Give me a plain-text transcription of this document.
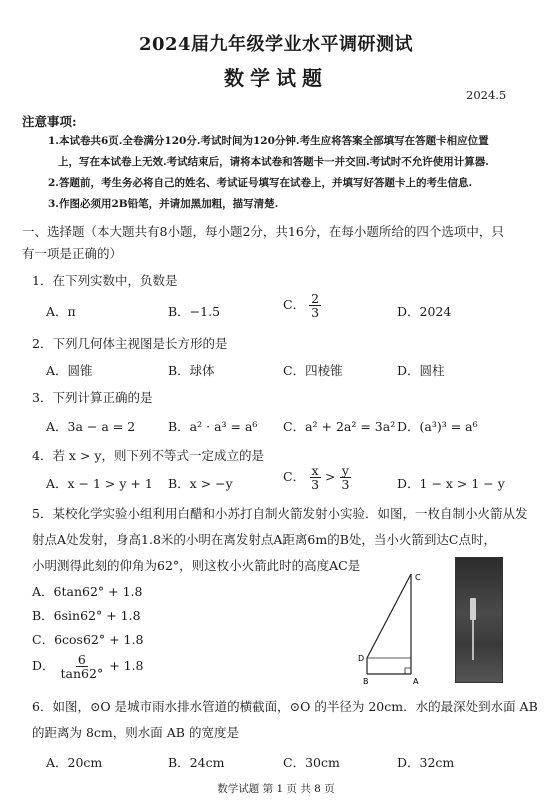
2024届九年级学业水平调研测试
数学试题
2024.5
注意事项:
1.本试卷共6页.全卷满分120分.考试时间为120分钟.考生应将答案全部填写在答题卡相应位置
上，写在本试卷上无效.考试结束后，请将本试卷和答题卡一并交回.考试时不允许使用计算器.
2.答题前，考生务必将自己的姓名、考试证号填写在试卷上，并填写好答题卡上的考生信息.
3.作图必须用2B铅笔，并请加黑加粗，描写清楚.
一、选择题（本大题共有8小题，每小题2分，共16分，在每小题所给的四个选项中，只
有一项是正确的）
1．在下列实数中，负数是
A．π	B．−1.5	C． $\frac{2}{3}$	D．2024
2．下列几何体主视图是长方形的是
A．圆锥	B．球体	C．四棱锥	D．圆柱
3．下列计算正确的是
A．3a − a = 2	B．a² · a³ = a⁶ C．a² + 2a² = 3a² D．(a³)³ = a⁶
4．若 x > y，则下列不等式一定成立的是
A．x − 1 > y + 1 B．x > −y	C． $\frac{x}{3} > \frac{y}{3}$	D．1 − x > 1 − y
5．某校化学实验小组利用白醋和小苏打自制火箭发射小实验．如图，一枚自制小火箭从发
射点A处发射，身高1.8米的小明在离发射点A距离6m的B处，当小火箭到达C点时，
小明测得此刻的仰角为62°，则这枚小火箭此时的高度AC是
A．6tan62° + 1.8
B．6sin62° + 1.8
C．6cos62° + 1.8
D． $\frac{6}{\tan 62^\circ} + 1.8$
C
D
B	A
6．如图，⊙O 是城市雨水排水管道的横截面，⊙O 的半径为 20cm．水的最深处到水面 AB
的距离为 8cm，则水面 AB 的宽度是
A．20cm	B．24cm	C．30cm	D．32cm
数学试题 第 1 页 共 8 页
